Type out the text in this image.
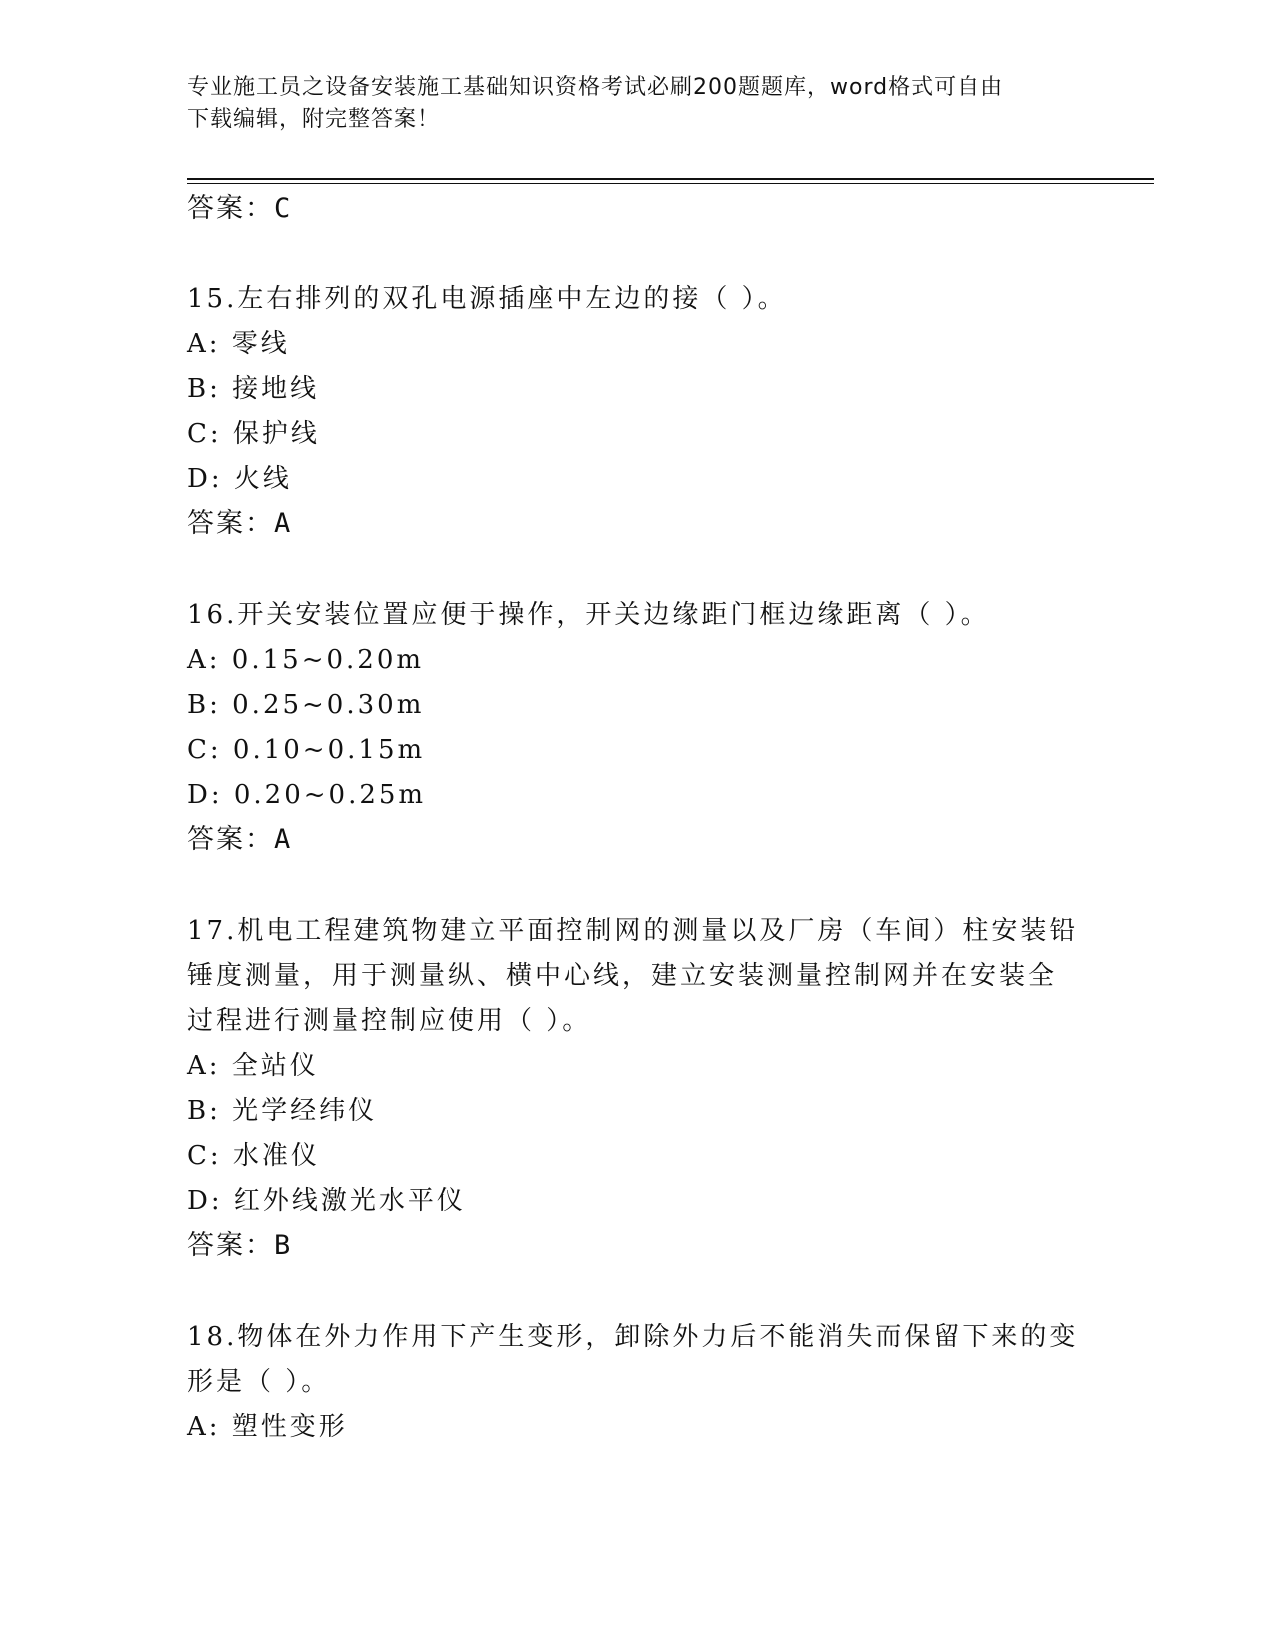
专业施工员之设备安装施工基础知识资格考试必刷200题题库，word格式可自由
下载编辑，附完整答案！
答案：C
15.左右排列的双孔电源插座中左边的接（ ）。
A: 零线
B: 接地线
C: 保护线
D: 火线
答案：A
16.开关安装位置应便于操作，开关边缘距门框边缘距离（ ）。
A: 0.15~0.20m
B: 0.25~0.30m
C: 0.10~0.15m
D: 0.20~0.25m
答案：A
17.机电工程建筑物建立平面控制网的测量以及厂房（车间）柱安装铅
锤度测量，用于测量纵、横中心线，建立安装测量控制网并在安装全
过程进行测量控制应使用（ ）。
A: 全站仪
B: 光学经纬仪
C: 水准仪
D: 红外线激光水平仪
答案：B
18.物体在外力作用下产生变形，卸除外力后不能消失而保留下来的变
形是（ ）。
A: 塑性变形
